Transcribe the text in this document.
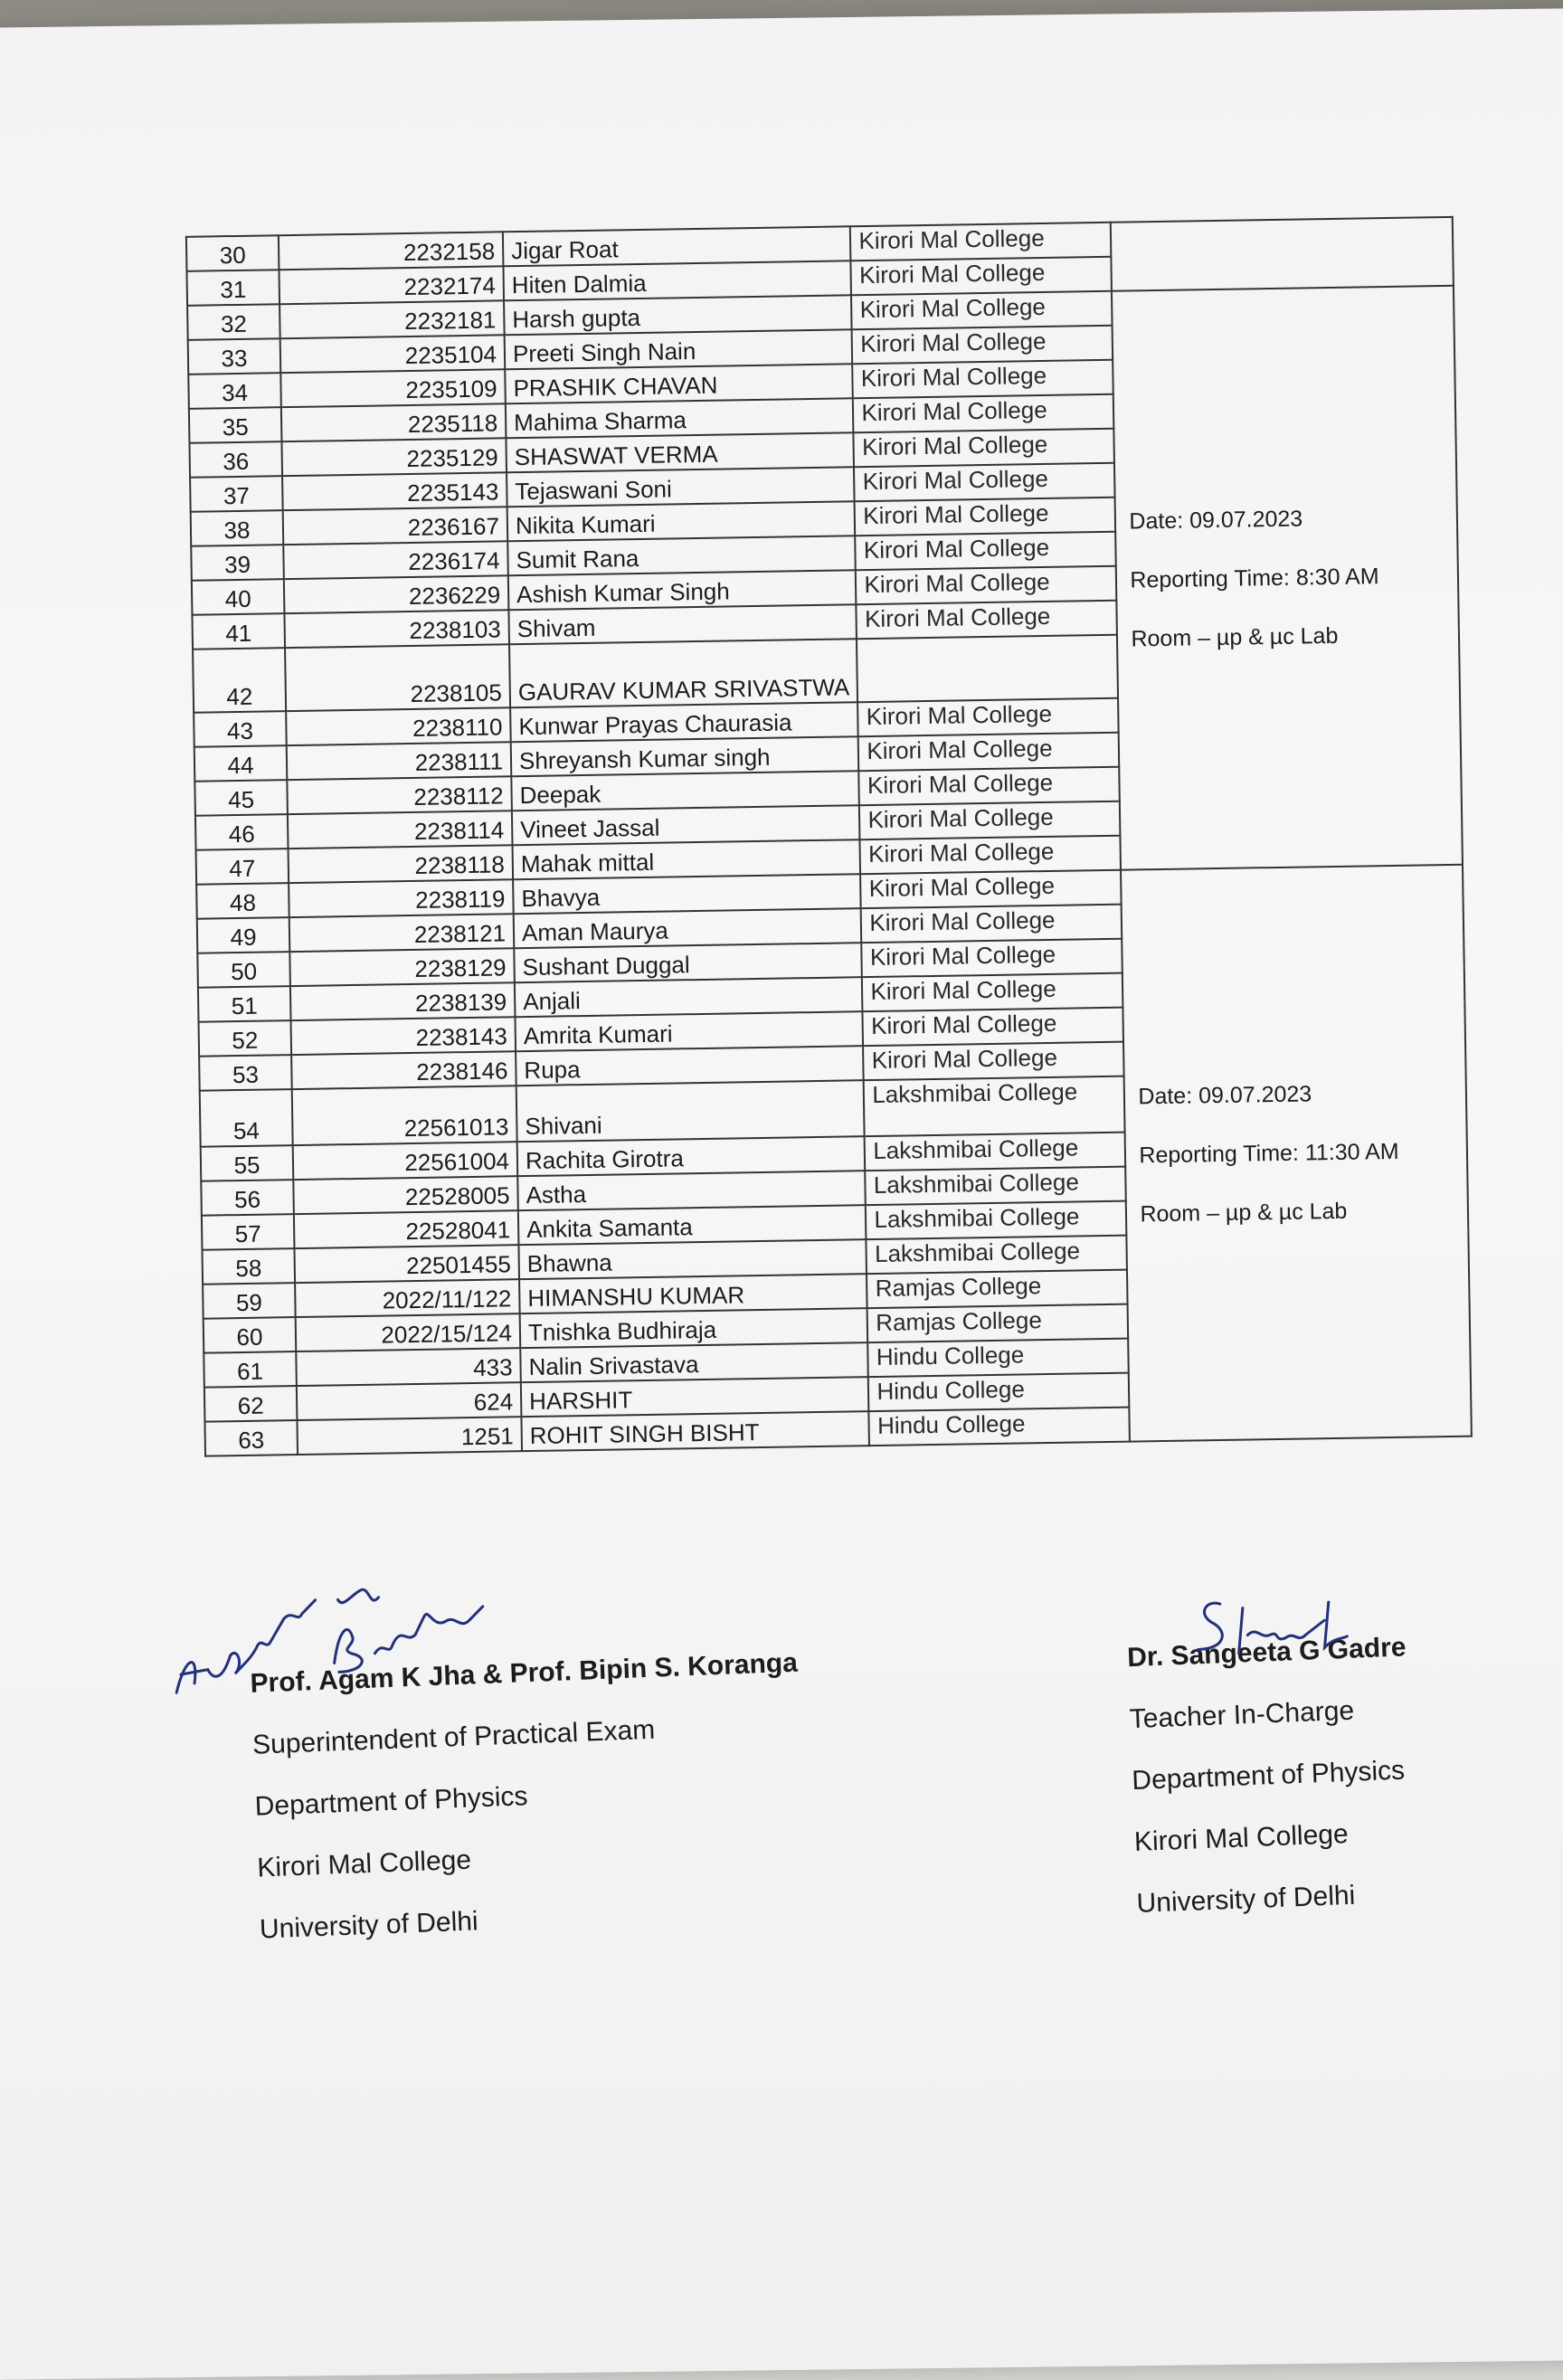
30	2232158	Jigar Roat	Kirori Mal College	
31	2232174	Hiten Dalmia	Kirori Mal College	
32	2232181	Harsh gupta	Kirori Mal College	Date: 09.07.2023

Reporting Time: 8:30 AM

Room – µp & µc Lab

33	2235104	Preeti Singh Nain	Kirori Mal College	
34	2235109	PRASHIK CHAVAN	Kirori Mal College	
35	2235118	Mahima Sharma	Kirori Mal College	
36	2235129	SHASWAT VERMA	Kirori Mal College	
37	2235143	Tejaswani Soni	Kirori Mal College	
38	2236167	Nikita Kumari	Kirori Mal College	
39	2236174	Sumit Rana	Kirori Mal College	
40	2236229	Ashish Kumar Singh	Kirori Mal College	
41	2238103	Shivam	Kirori Mal College	
42	2238105	GAURAV KUMAR SRIVASTWA		
43	2238110	Kunwar Prayas Chaurasia	Kirori Mal College	
44	2238111	Shreyansh Kumar singh	Kirori Mal College	
45	2238112	Deepak	Kirori Mal College	
46	2238114	Vineet Jassal	Kirori Mal College	
47	2238118	Mahak mittal	Kirori Mal College	
48	2238119	Bhavya	Kirori Mal College	Date: 09.07.2023

Reporting Time: 11:30 AM

Room – µp & µc Lab

49	2238121	Aman Maurya	Kirori Mal College	
50	2238129	Sushant Duggal	Kirori Mal College	
51	2238139	Anjali	Kirori Mal College	
52	2238143	Amrita Kumari	Kirori Mal College	
53	2238146	Rupa	Kirori Mal College	
54	22561013	Shivani	Lakshmibai College	
55	22561004	Rachita Girotra	Lakshmibai College	
56	22528005	Astha	Lakshmibai College	
57	22528041	Ankita Samanta	Lakshmibai College	
58	22501455	Bhawna	Lakshmibai College	
59	2022/11/122	HIMANSHU KUMAR	Ramjas College	
60	2022/15/124	Tnishka Budhiraja	Ramjas College	
61	433	Nalin Srivastava	Hindu College	
62	624	HARSHIT	Hindu College	
63	1251	ROHIT SINGH BISHT	Hindu College	
Prof. Agam K Jha & Prof. Bipin S. Koranga
Superintendent of Practical Exam
Department of Physics
Kirori Mal College
University of Delhi
Dr. Sangeeta G Gadre
Teacher In-Charge
Department of Physics
Kirori Mal College
University of Delhi
